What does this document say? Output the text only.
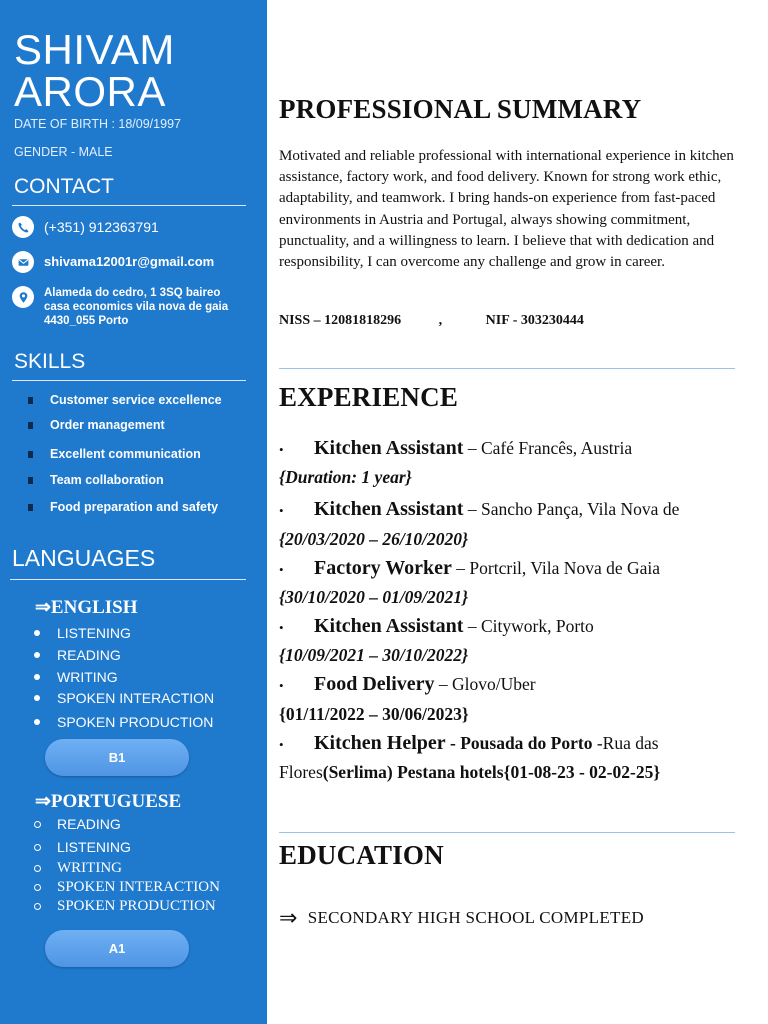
SHIVAM
ARORA
DATE OF BIRTH : 18/09/1997
GENDER - MALE
CONTACT
(+351) 912363791
shivama12001r@gmail.com
Alameda do cedro, 1 3SQ baireo
casa economics vila nova de gaia
4430_055 Porto
SKILLS
Customer service excellence
Order management
Excellent communication
Team collaboration
Food preparation and safety
LANGUAGES
⇒ENGLISH
LISTENING
READING
WRITING
SPOKEN INTERACTION
SPOKEN PRODUCTION
B1
⇒PORTUGUESE
READING
LISTENING
WRITING
SPOKEN INTERACTION
SPOKEN PRODUCTION
A1
PROFESSIONAL SUMMARY

Motivated and reliable professional with international experience in kitchen assistance, factory work, and food delivery. Known for strong work ethic, adaptability, and teamwork. I bring hands-on experience from fast-paced environments in Austria and Portugal, always showing commitment, punctuality, and a willingness to learn. I believe that with dedication and responsibility, I can overcome any challenge and grow in career.

NISS – 12081818296	,	NIF - 303230444
EXPERIENCE
• Kitchen Assistant – Café Francês, Austria
{Duration: 1 year}
• Kitchen Assistant – Sancho Pança, Vila Nova de
{20/03/2020 – 26/10/2020}
• Factory Worker – Portcril, Vila Nova de Gaia
{30/10/2020 – 01/09/2021}
• Kitchen Assistant – Citywork, Porto
{10/09/2021 – 30/10/2022}
• Food Delivery – Glovo/Uber
{01/11/2022 – 30/06/2023}
• Kitchen Helper - Pousada do Porto -Rua das
Flores(Serlima) Pestana hotels{01-08-23 - 02-02-25}
EDUCATION
⇒ SECONDARY HIGH SCHOOL COMPLETED
